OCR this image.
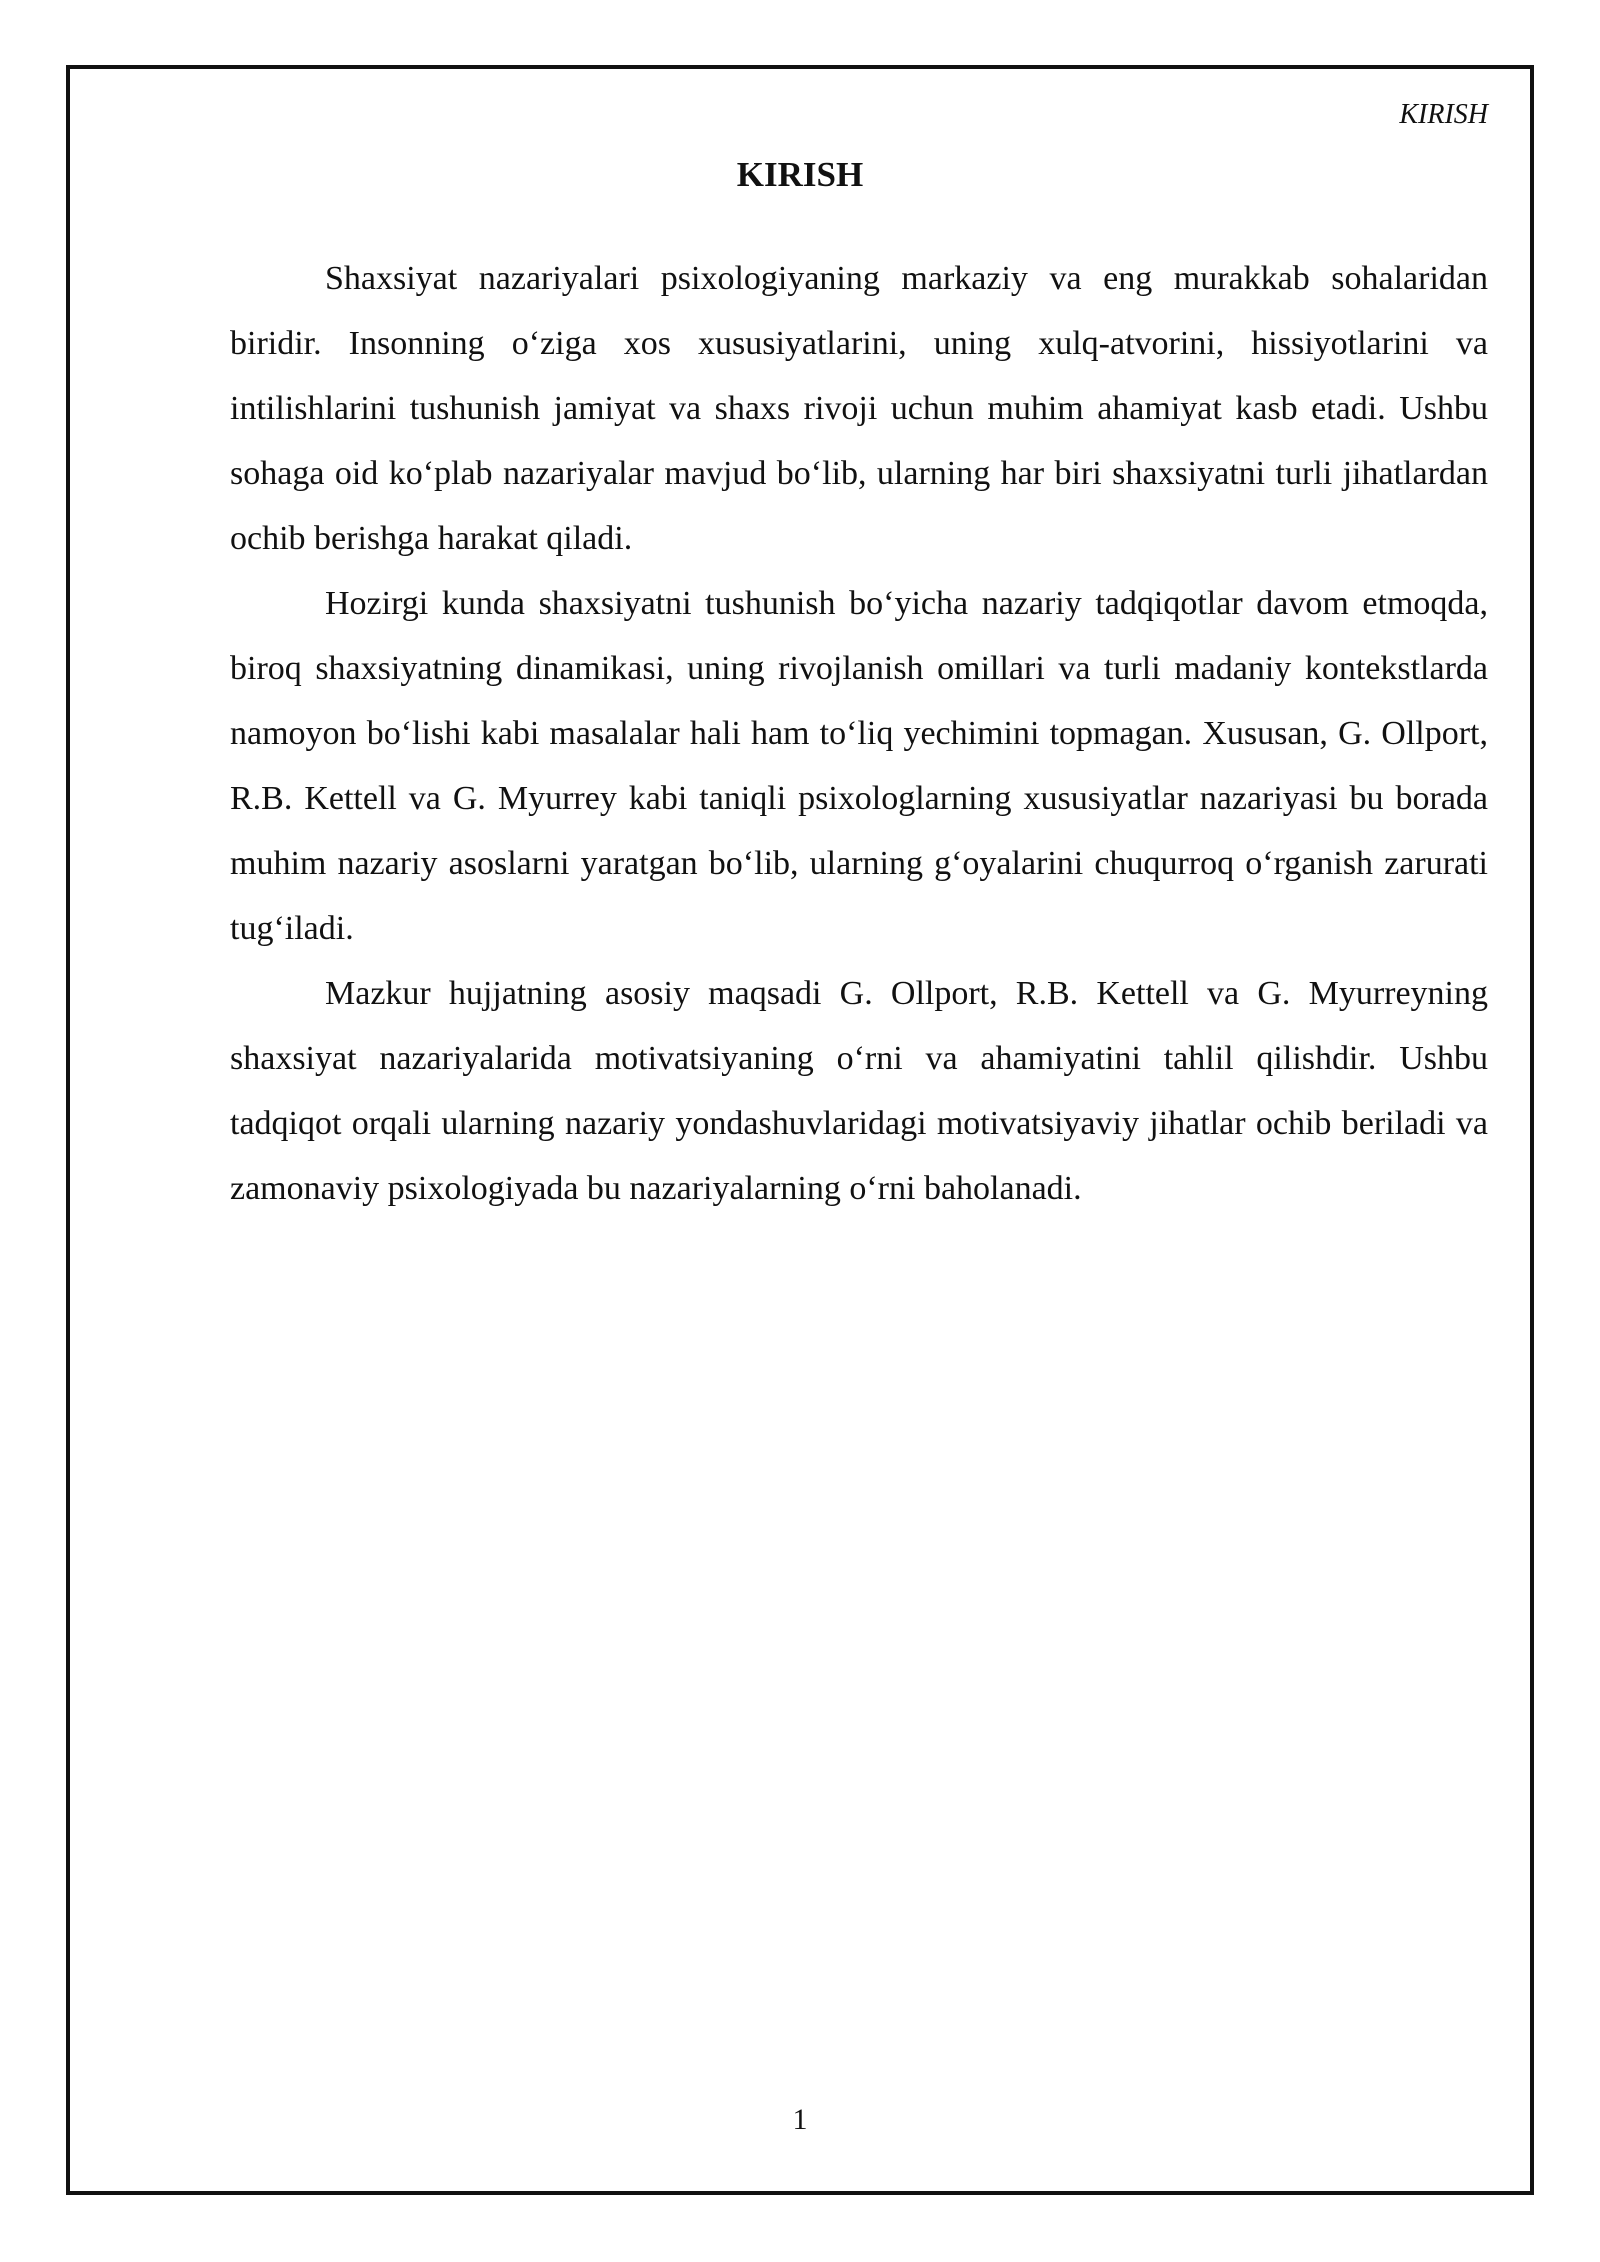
KIRISH
KIRISH

Shaxsiyat nazariyalari psixologiyaning markaziy va eng murakkab sohalaridan biridir. Insonning o‘ziga xos xususiyatlarini, uning xulq-atvorini, hissiyotlarini va intilishlarini tushunish jamiyat va shaxs rivoji uchun muhim ahamiyat kasb etadi. Ushbu sohaga oid ko‘plab nazariyalar mavjud bo‘lib, ularning har biri shaxsiyatni turli jihatlardan ochib berishga harakat qiladi.

Hozirgi kunda shaxsiyatni tushunish bo‘yicha nazariy tadqiqotlar davom etmoqda, biroq shaxsiyatning dinamikasi, uning rivojlanish omillari va turli madaniy kontekstlarda namoyon bo‘lishi kabi masalalar hali ham to‘liq yechimini topmagan. Xususan, G. Ollport, R.B. Kettell va G. Myurrey kabi taniqli psixologlarning xususiyatlar nazariyasi bu borada muhim nazariy asoslarni yaratgan bo‘lib, ularning g‘oyalarini chuqurroq o‘rganish zarurati tug‘iladi.

Mazkur hujjatning asosiy maqsadi G. Ollport, R.B. Kettell va G. Myurreyning shaxsiyat nazariyalarida motivatsiyaning o‘rni va ahamiyatini tahlil qilishdir. Ushbu tadqiqot orqali ularning nazariy yondashuvlaridagi motivatsiyaviy jihatlar ochib beriladi va zamonaviy psixologiyada bu nazariyalarning o‘rni baholanadi.

1
